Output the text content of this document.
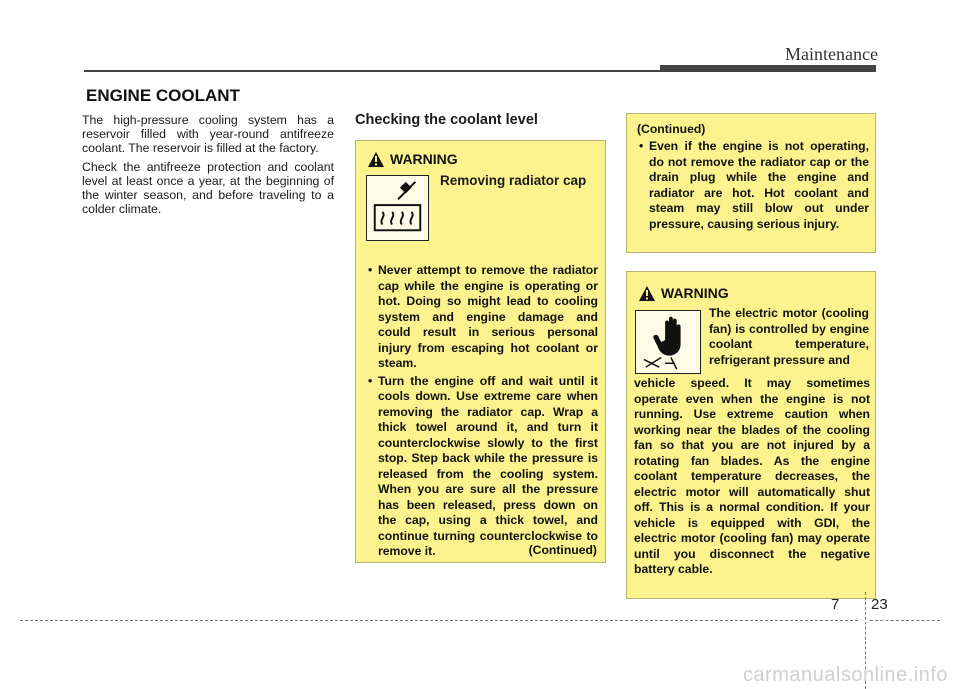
Maintenance
ENGINE COOLANT

The high-pressure cooling system has a reservoir filled with year-round antifreeze coolant. The reservoir is filled at the factory.

Check the antifreeze protection and coolant level at least once a year, at the beginning of the winter season, and before traveling to a colder climate.

Checking the coolant level
WARNING
Removing radiator cap
• Never attempt to remove the radiator cap while the engine is operating or hot. Doing so might lead to cooling system and engine damage and could result in serious personal injury from escaping hot coolant or steam.
• Turn the engine off and wait until it cools down. Use extreme care when removing the radiator cap. Wrap a thick towel around it, and turn it counterclockwise slowly to the first stop. Step back while the pressure is released from the cooling system. When you are sure all the pressure has been released, press down on the cap, using a thick towel, and continue turning counterclockwise to remove it.	(Continued)
(Continued)
• Even if the engine is not operating, do not remove the radiator cap or the drain plug while the engine and radiator are hot. Hot coolant and steam may still blow out under pressure, causing serious injury.
WARNING
The electric motor (cooling fan) is controlled by engine coolant temperature, refrigerant pressure and
vehicle speed. It may sometimes operate even when the engine is not running. Use extreme caution when working near the blades of the cooling fan so that you are not injured by a rotating fan blades. As the engine coolant temperature decreases, the electric motor will automatically shut off. This is a normal condition. If your vehicle is equipped with GDI, the electric motor (cooling fan) may operate until you disconnect the negative battery cable.
7 23
carmanualsonline.info
